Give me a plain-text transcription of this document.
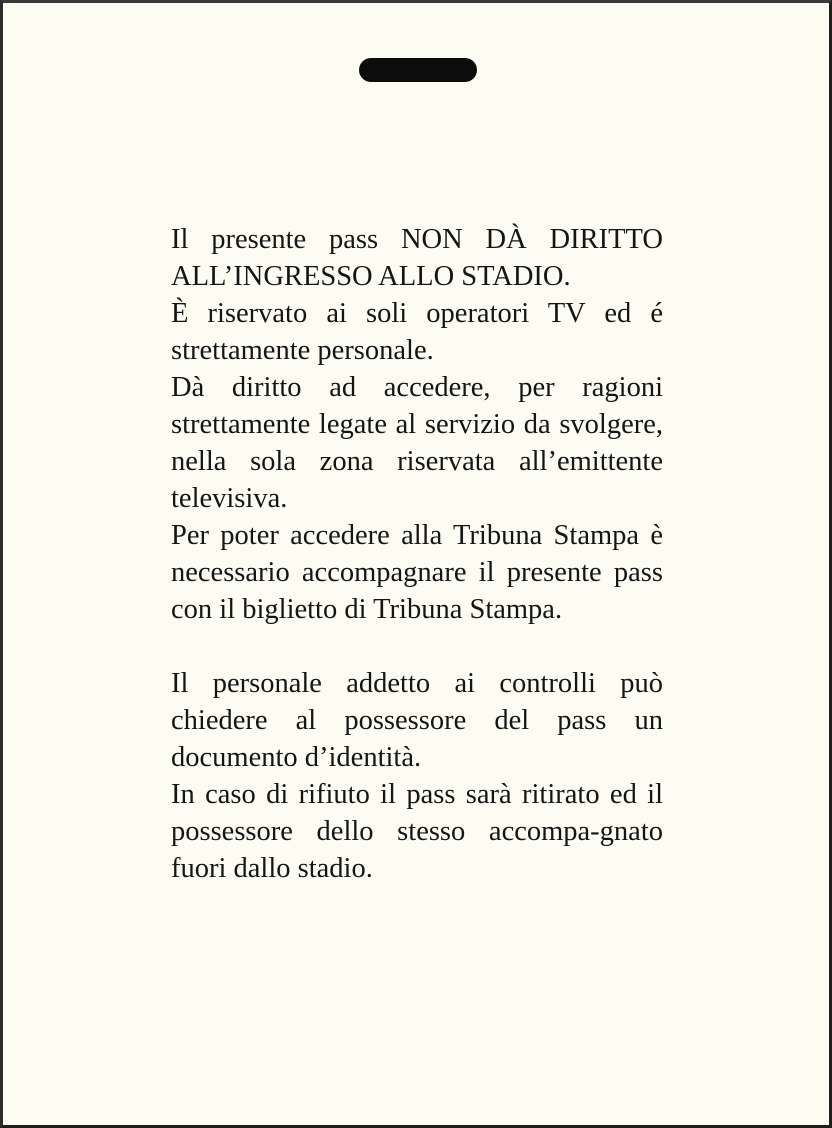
Il presente pass NON DÀ DIRITTO ALL’INGRESSO ALLO STADIO.

È riservato ai soli operatori TV ed é strettamente personale.

Dà diritto ad accedere, per ragioni strettamente legate al servizio da svolgere, nella sola zona riservata all’emittente televisiva.

Per poter accedere alla Tribuna Stampa è necessario accompagnare il presente pass con il biglietto di Tribuna Stampa.

Il personale addetto ai controlli può chiedere al possessore del pass un documento d’identità.

In caso di rifiuto il pass sarà ritirato ed il possessore dello stesso accompa-gnato fuori dallo stadio.
